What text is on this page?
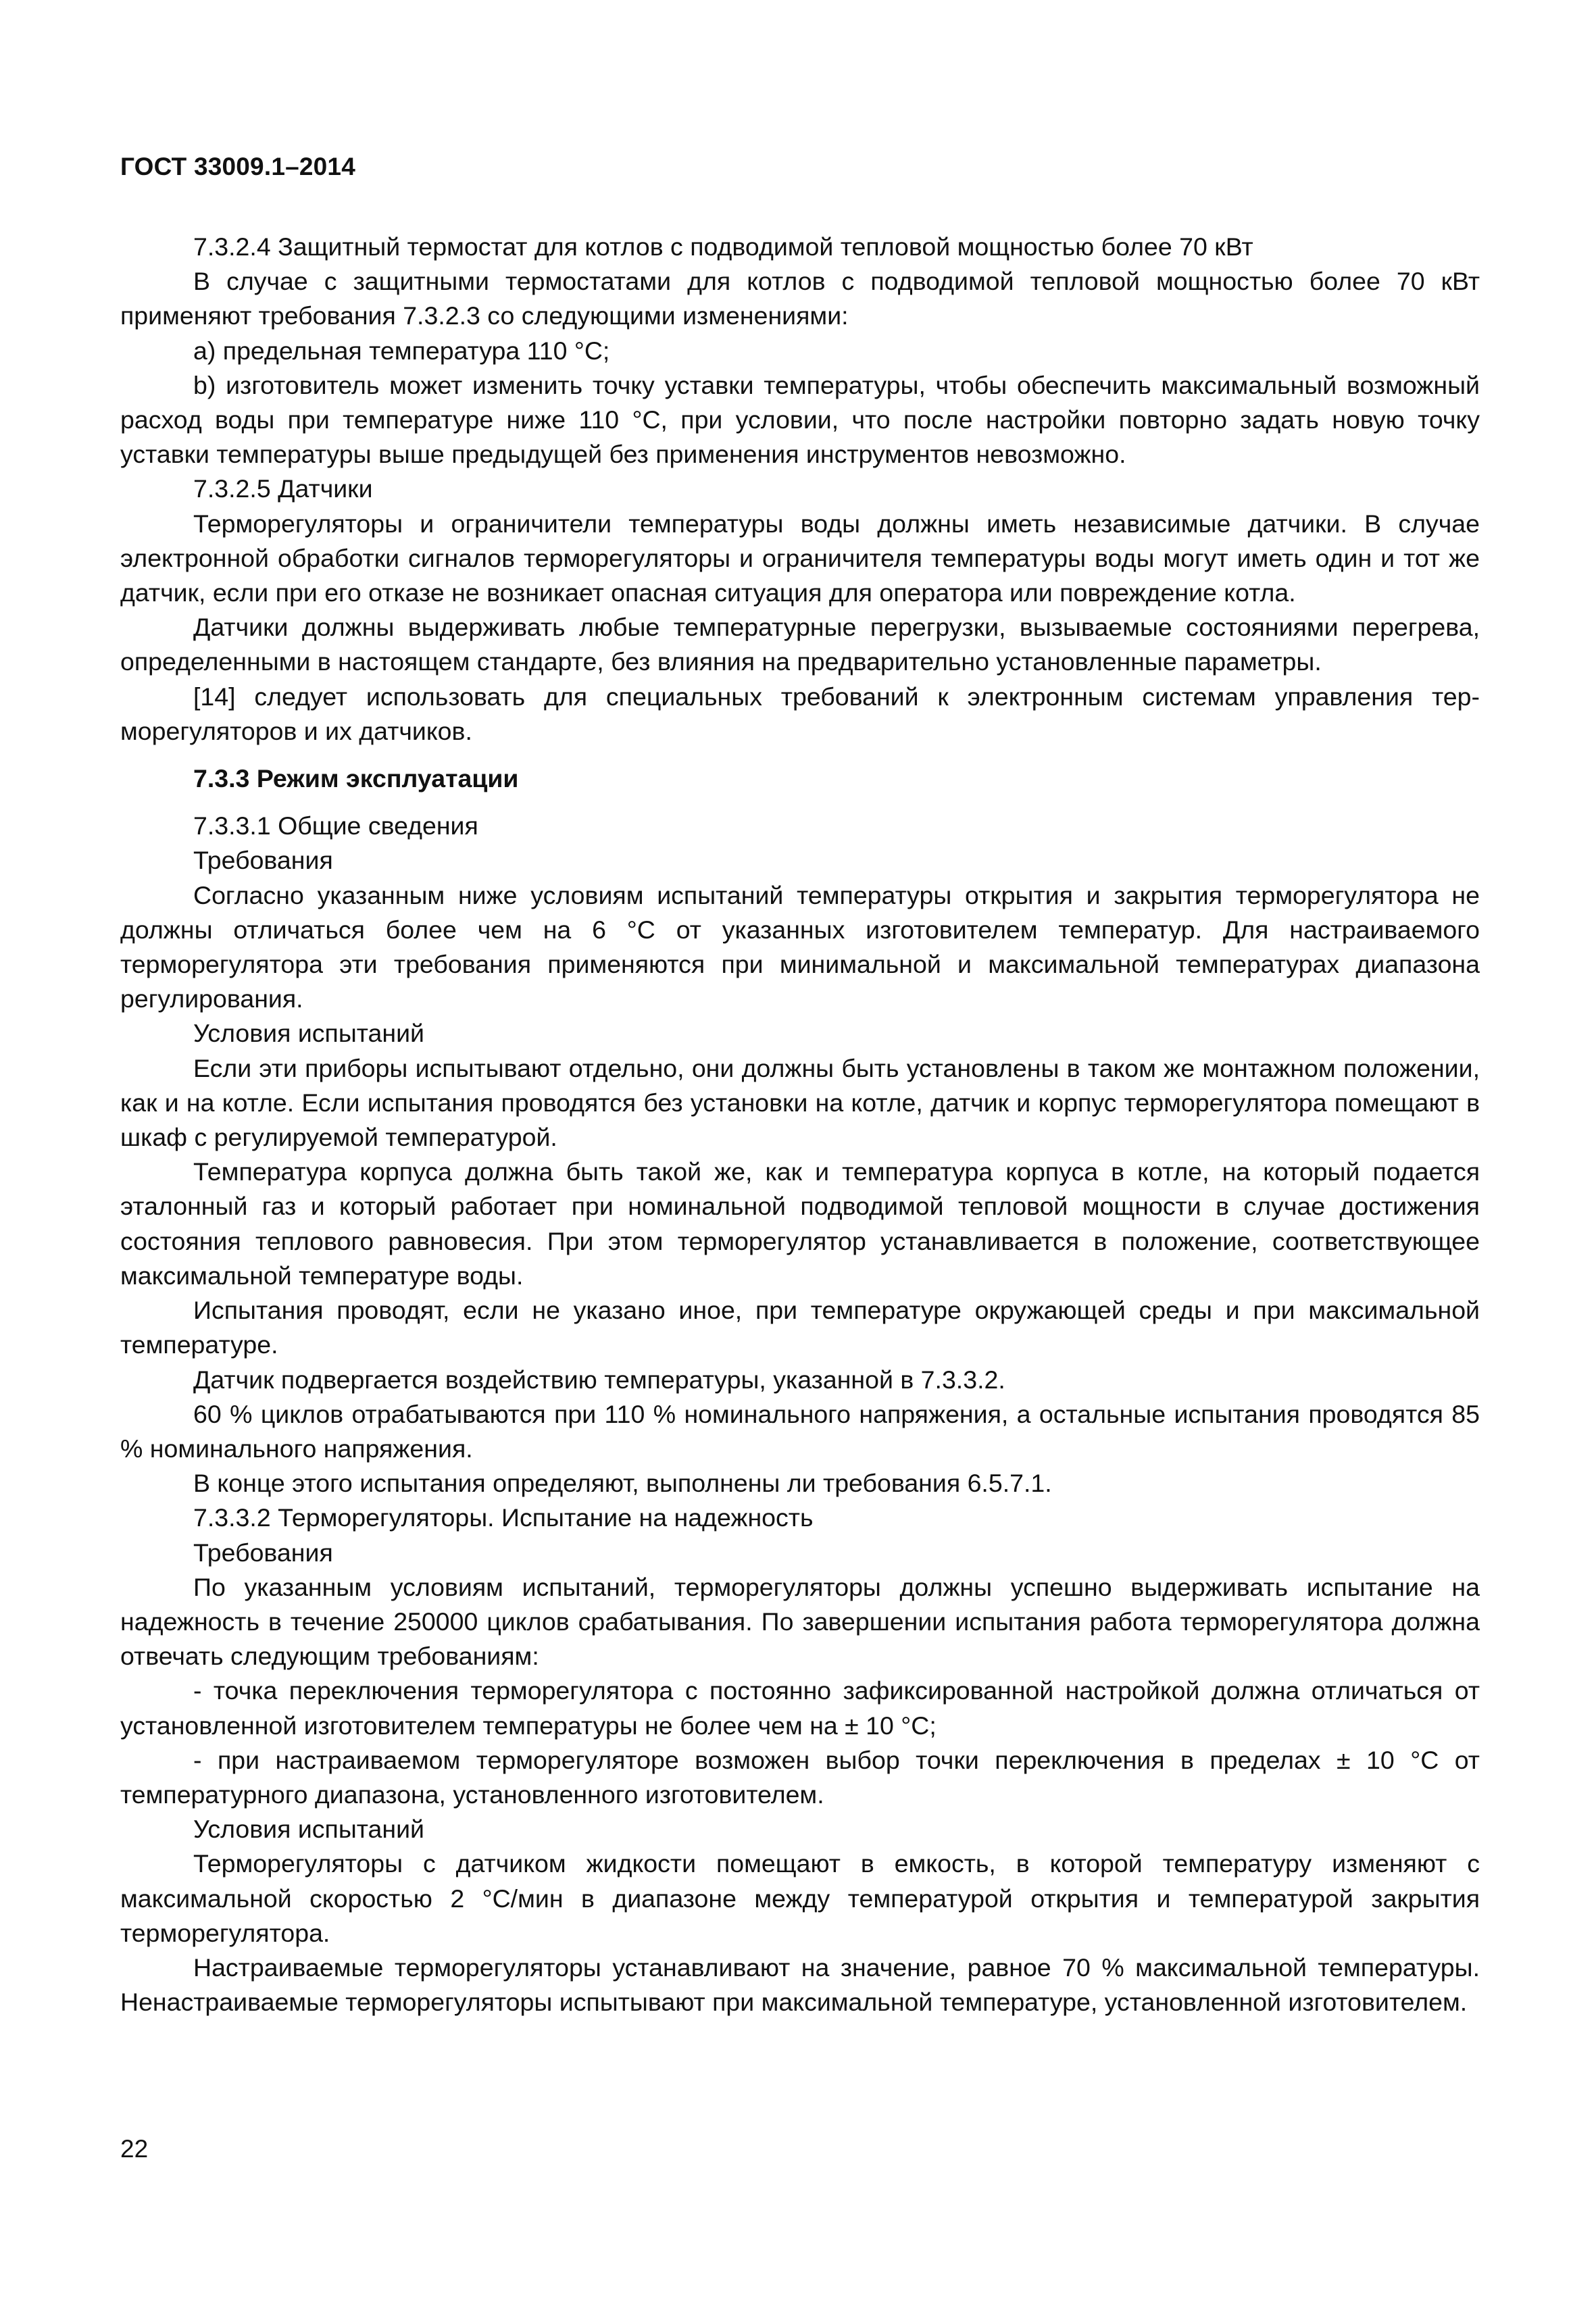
ГОСТ 33009.1–2014

7.3.2.4 Защитный термостат для котлов с подводимой тепловой мощностью более 70 кВт

В случае с защитными термостатами для котлов с подводимой тепловой мощностью более 70 кВт применяют требования 7.3.2.3 со следующими изменениями:

a) предельная температура 110 °С;

b) изготовитель может изменить точку уставки температуры, чтобы обеспечить максимальный возможный расход воды при температуре ниже 110 °С, при условии, что после настройки повторно задать новую точку уставки температуры выше предыдущей без применения инструментов невозможно.

7.3.2.5 Датчики

Терморегуляторы и ограничители температуры воды должны иметь независимые датчики. В случае электронной обработки сигналов терморегуляторы и ограничителя температуры воды могут иметь один и тот же датчик, если при его отказе не возникает опасная ситуация для оператора или повреждение котла.

Датчики должны выдерживать любые температурные перегрузки, вызываемые состояниями перегрева, определенными в настоящем стандарте, без влияния на предварительно установленные параметры.

[14] следует использовать для специальных требований к электронным системам управления терморегуляторов и их датчиков.

7.3.3 Режим эксплуатации

7.3.3.1 Общие сведения

Требования

Согласно указанным ниже условиям испытаний температуры открытия и закрытия терморегулятора не должны отличаться более чем на 6 °С от указанных изготовителем температур. Для настраиваемого терморегулятора эти требования применяются при минимальной и максимальной температурах диапазона регулирования.

Условия испытаний

Если эти приборы испытывают отдельно, они должны быть установлены в таком же монтажном положении, как и на котле. Если испытания проводятся без установки на котле, датчик и корпус терморегулятора помещают в шкаф с регулируемой температурой.

Температура корпуса должна быть такой же, как и температура корпуса в котле, на который подается эталонный газ и который работает при номинальной подводимой тепловой мощности в случае достижения состояния теплового равновесия. При этом терморегулятор устанавливается в положение, соответствующее максимальной температуре воды.

Испытания проводят, если не указано иное, при температуре окружающей среды и при максимальной температуре.

Датчик подвергается воздействию температуры, указанной в 7.3.3.2.

60 % циклов отрабатываются при 110 % номинального напряжения, а остальные испытания проводятся 85 % номинального напряжения.

В конце этого испытания определяют, выполнены ли требования 6.5.7.1.

7.3.3.2 Терморегуляторы. Испытание на надежность

Требования

По указанным условиям испытаний, терморегуляторы должны успешно выдерживать испытание на надежность в течение 250000 циклов срабатывания. По завершении испытания работа терморегулятора должна отвечать следующим требованиям:

- точка переключения терморегулятора с постоянно зафиксированной настройкой должна отличаться от установленной изготовителем температуры не более чем на ± 10 °С;

- при настраиваемом терморегуляторе возможен выбор точки переключения в пределах ± 10 °С от температурного диапазона, установленного изготовителем.

Условия испытаний

Терморегуляторы с датчиком жидкости помещают в емкость, в которой температуру изменяют с максимальной скоростью 2 °С/мин в диапазоне между температурой открытия и температурой закрытия терморегулятора.

Настраиваемые терморегуляторы устанавливают на значение, равное 70 % максимальной температуры. Ненастраиваемые терморегуляторы испытывают при максимальной температуре, установленной изготовителем.

22
